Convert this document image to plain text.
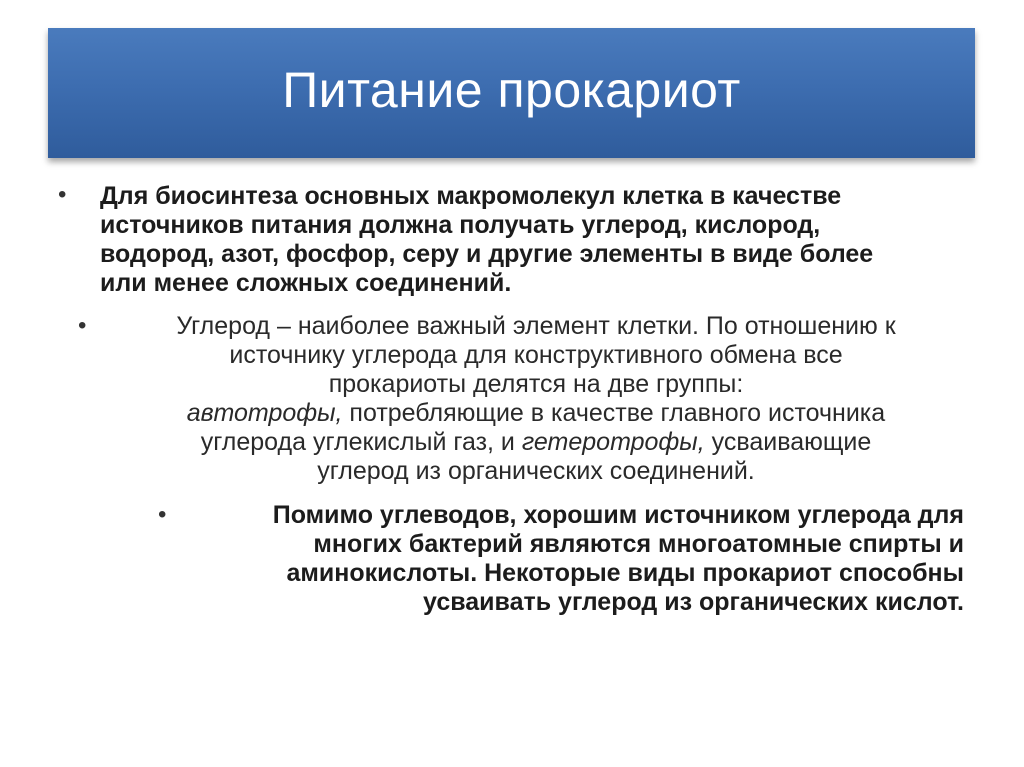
Питание прокариот
• Для биосинтеза основных макромолекул клетка в качестве
источников питания должна получать углерод, кислород,
водород, азот, фосфор, серу и другие элементы в виде более
или менее сложных соединений.
•	Углерод – наиболее важный элемент клетки. По отношению к
источнику углерода для конструктивного обмена все
прокариоты делятся на две группы:
автотрофы, потребляющие в качестве главного источника
углерода углекислый газ, и гетеротрофы, усваивающие
углерод из органических соединений.
•	Помимо углеводов, хорошим источником углерода для
многих бактерий являются многоатомные спирты и
аминокислоты. Некоторые виды прокариот способны
усваивать углерод из органических кислот.
